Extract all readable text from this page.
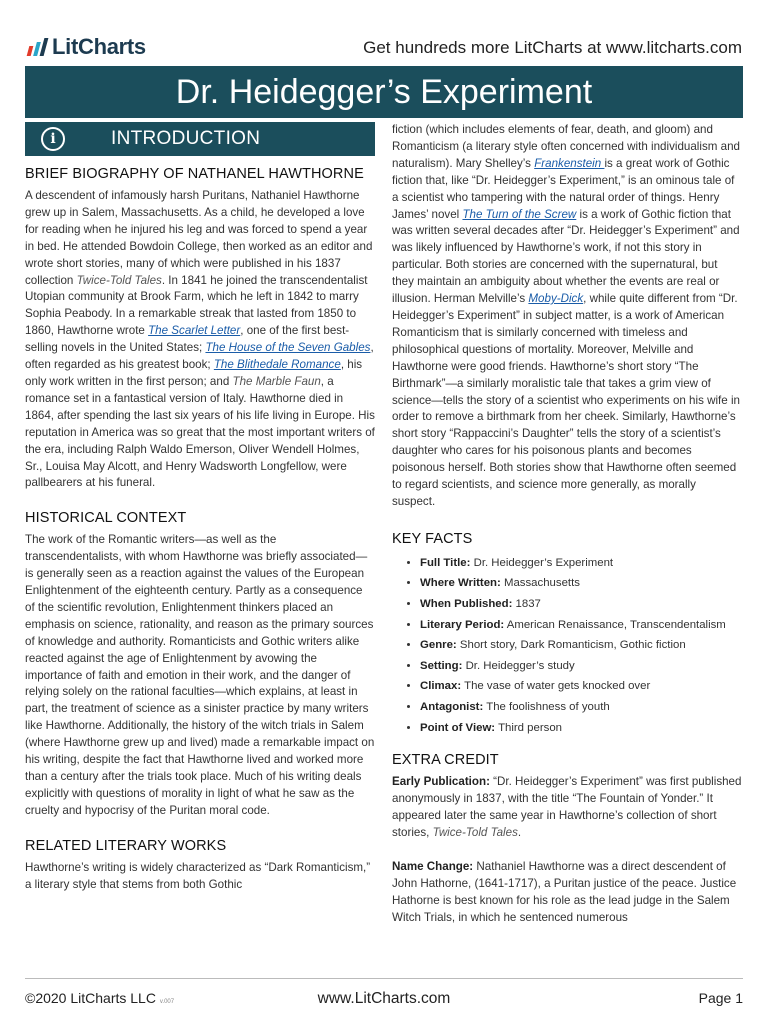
LitCharts	Get hundreds more LitCharts at www.litcharts.com
Dr. Heidegger’s Experiment
i	INTRODUCTION
BRIEF BIOGRAPHY OF NATHANEL HAWTHORNE

A descendent of infamously harsh Puritans, Nathaniel Hawthorne grew up in Salem, Massachusetts. As a child, he developed a love for reading when he injured his leg and was forced to spend a year in bed. He attended Bowdoin College, then worked as an editor and wrote short stories, many of which were published in his 1837 collection Twice-Told Tales. In 1841 he joined the transcendentalist Utopian community at Brook Farm, which he left in 1842 to marry Sophia Peabody. In a remarkable streak that lasted from 1850 to 1860, Hawthorne wrote The Scarlet Letter, one of the first best-selling novels in the United States; The House of the Seven Gables, often regarded as his greatest book; The Blithedale Romance, his only work written in the first person; and The Marble Faun, a romance set in a fantastical version of Italy. Hawthorne died in 1864, after spending the last six years of his life living in Europe. His reputation in America was so great that the most important writers of the era, including Ralph Waldo Emerson, Oliver Wendell Holmes, Sr., Louisa May Alcott, and Henry Wadsworth Longfellow, were pallbearers at his funeral.

HISTORICAL CONTEXT

The work of the Romantic writers—as well as the transcendentalists, with whom Hawthorne was briefly associated—is generally seen as a reaction against the values of the European Enlightenment of the eighteenth century. Partly as a consequence of the scientific revolution, Enlightenment thinkers placed an emphasis on science, rationality, and reason as the primary sources of knowledge and authority. Romanticists and Gothic writers alike reacted against the age of Enlightenment by avowing the importance of faith and emotion in their work, and the danger of relying solely on the rational faculties—which explains, at least in part, the treatment of science as a sinister practice by many writers like Hawthorne. Additionally, the history of the witch trials in Salem (where Hawthorne grew up and lived) made a remarkable impact on his writing, despite the fact that Hawthorne lived and worked more than a century after the trials took place. Much of his writing deals explicitly with questions of morality in light of what he saw as the cruelty and hypocrisy of the Puritan moral code.

RELATED LITERARY WORKS

Hawthorne’s writing is widely characterized as “Dark Romanticism,” a literary style that stems from both Gothic

fiction (which includes elements of fear, death, and gloom) and Romanticism (a literary style often concerned with individualism and naturalism). Mary Shelley’s Frankenstein is a great work of Gothic fiction that, like “Dr. Heidegger’s Experiment,” is an ominous tale of a scientist who tampering with the natural order of things. Henry James’ novel The Turn of the Screw is a work of Gothic fiction that was written several decades after “Dr. Heidegger’s Experiment” and was likely influenced by Hawthorne’s work, if not this story in particular. Both stories are concerned with the supernatural, but they maintain an ambiguity about whether the events are real or illusion. Herman Melville’s Moby-Dick, while quite different from “Dr. Heidegger’s Experiment” in subject matter, is a work of American Romanticism that is similarly concerned with timeless and philosophical questions of mortality. Moreover, Melville and Hawthorne were good friends. Hawthorne’s short story “The Birthmark”—a similarly moralistic tale that takes a grim view of science—tells the story of a scientist who experiments on his wife in order to remove a birthmark from her cheek. Similarly, Hawthorne’s short story “Rappaccini’s Daughter” tells the story of a scientist’s daughter who cares for his poisonous plants and becomes poisonous herself. Both stories show that Hawthorne often seemed to regard scientists, and science more generally, as morally suspect.

KEY FACTS
• Full Title: Dr. Heidegger’s Experiment
• Where Written: Massachusetts
• When Published: 1837
• Literary Period: American Renaissance, Transcendentalism
• Genre: Short story, Dark Romanticism, Gothic fiction
• Setting: Dr. Heidegger’s study
• Climax: The vase of water gets knocked over
• Antagonist: The foolishness of youth
• Point of View: Third person
EXTRA CREDIT

Early Publication: “Dr. Heidegger’s Experiment” was first published anonymously in 1837, with the title “The Fountain of Yonder.” It appeared later the same year in Hawthorne’s collection of short stories, Twice-Told Tales.

Name Change: Nathaniel Hawthorne was a direct descendent of John Hathorne, (1641-1717), a Puritan justice of the peace. Justice Hathorne is best known for his role as the lead judge in the Salem Witch Trials, in which he sentenced numerous

©2020 LitCharts LLC v.007	www.LitCharts.com	Page 1
